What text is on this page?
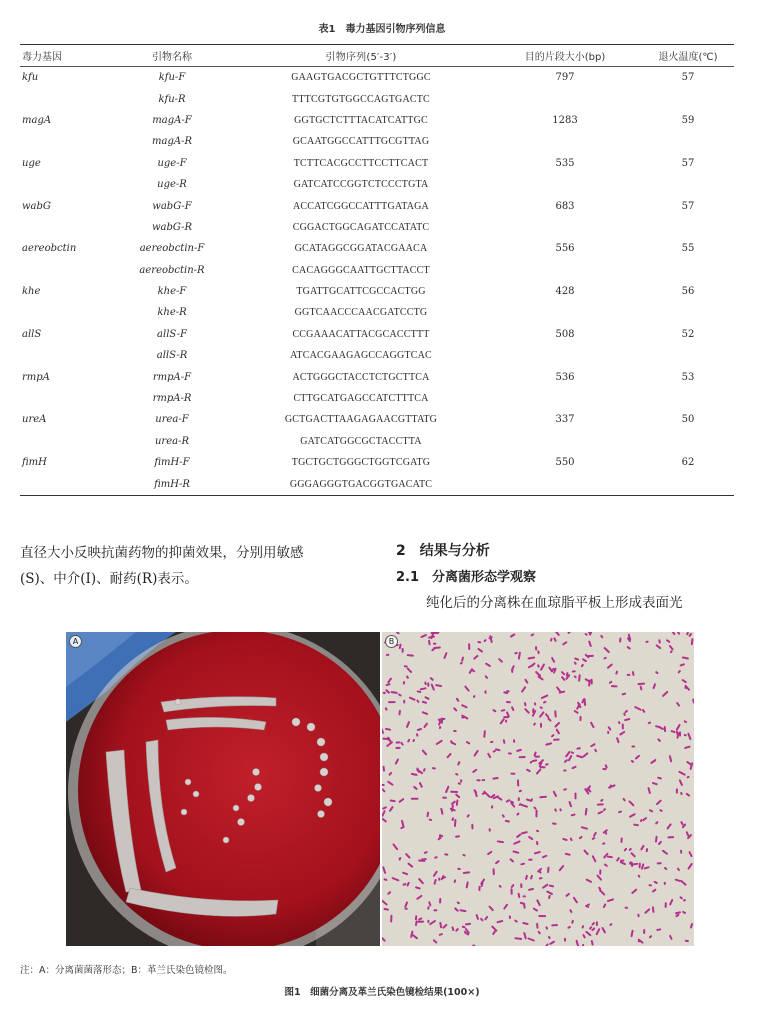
表1　毒力基因引物序列信息
毒力基因	引物名称	引物序列(5′-3′)	目的片段大小(bp)	退火温度(℃)
kfu	kfu-F	GAAGTGACGCTGTTTCTGGC	797	57
	kfu-R	TTTCGTGTGGCCAGTGACTC		
magA	magA-F	GGTGCTCTTTACATCATTGC	1283	59
	magA-R	GCAATGGCCATTTGCGTTAG		
uge	uge-F	TCTTCACGCCTTCCTTCACT	535	57
	uge-R	GATCATCCGGTCTCCCTGTA		
wabG	wabG-F	ACCATCGGCCATTTGATAGA	683	57
	wabG-R	CGGACTGGCAGATCCATATC		
aereobctin	aereobctin-F	GCATAGGCGGATACGAACA	556	55
	aereobctin-R	CACAGGGCAATTGCTTACCT		
khe	khe-F	TGATTGCATTCGCCACTGG	428	56
	khe-R	GGTCAACCCAACGATCCTG		
allS	allS-F	CCGAAACATTACGCACCTTT	508	52
	allS-R	ATCACGAAGAGCCAGGTCAC		
rmpA	rmpA-F	ACTGGGCTACCTCTGCTTCA	536	53
	rmpA-R	CTTGCATGAGCCATCTTTCA		
ureA	urea-F	GCTGACTTAAGAGAACGTTATG	337	50
	urea-R	GATCATGGCGCTACCTTA		
fimH	fimH-F	TGCTGCTGGGCTGGTCGATG	550	62
	fimH-R	GGGAGGGTGACGGTGACATC		
直径大小反映抗菌药物的抑菌效果，分别用敏感
(S)、中介(I)、耐药(R)表示。
2　结果与分析
2.1　分离菌形态学观察
纯化后的分离株在血琼脂平板上形成表面光
A	B
注：A：分离菌菌落形态；B：革兰氏染色镜检图。
图1　细菌分离及革兰氏染色镜检结果(100×)
